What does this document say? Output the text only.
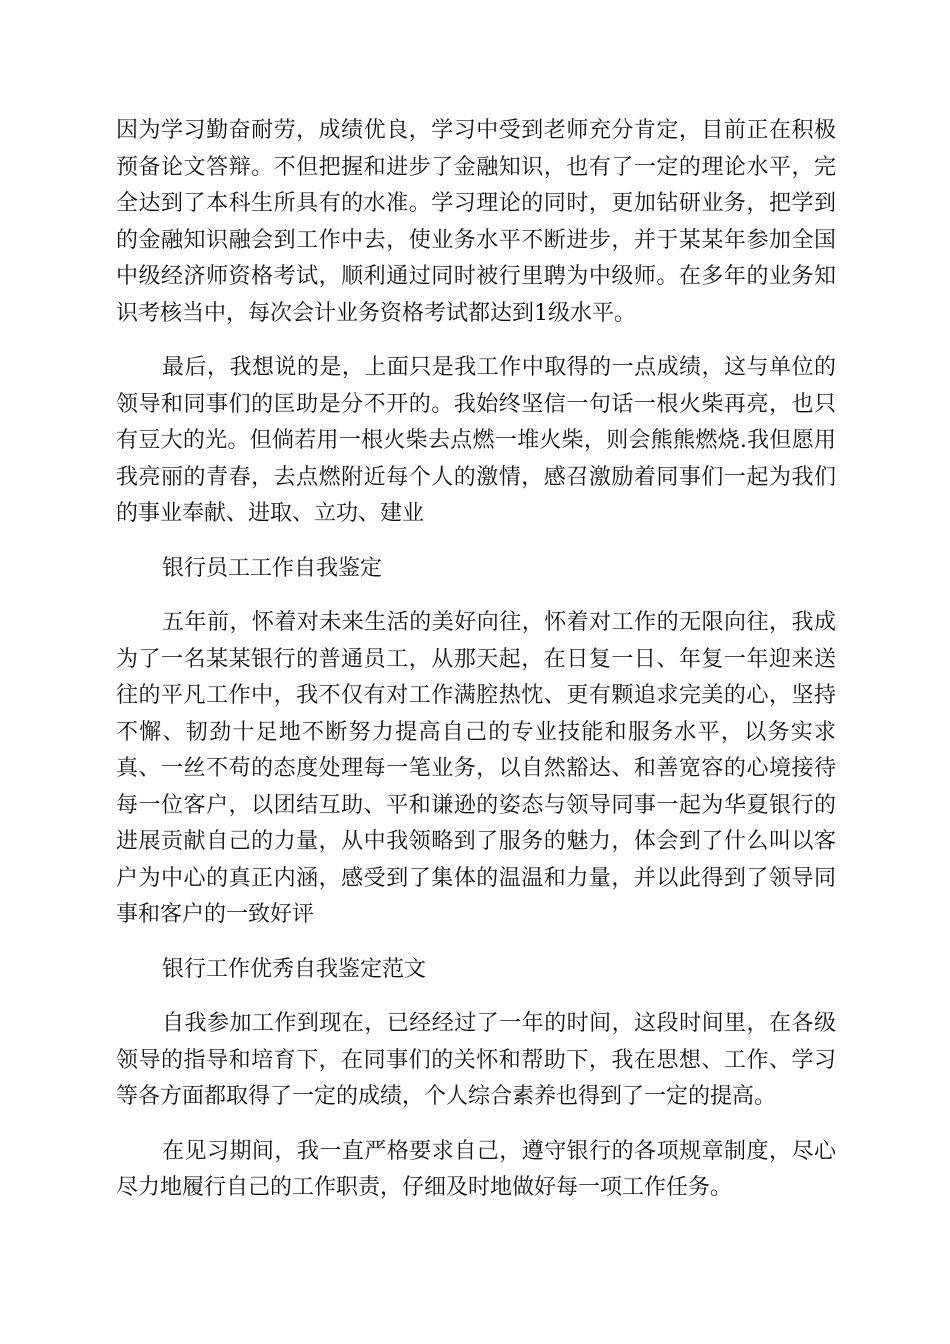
因为学习勤奋耐劳，成绩优良，学习中受到老师充分肯定，目前正在积极预备论文答辩。不但把握和进步了金融知识，也有了一定的理论水平，完全达到了本科生所具有的水准。学习理论的同时，更加钻研业务，把学到的金融知识融会到工作中去，使业务水平不断进步，并于某某年参加全国中级经济师资格考试，顺利通过同时被行里聘为中级师。在多年的业务知识考核当中，每次会计业务资格考试都达到1级水平。

最后，我想说的是，上面只是我工作中取得的一点成绩，这与单位的领导和同事们的匡助是分不开的。我始终坚信一句话一根火柴再亮，也只有豆大的光。但倘若用一根火柴去点燃一堆火柴，则会熊熊燃烧.我但愿用我亮丽的青春，去点燃附近每个人的激情，感召激励着同事们一起为我们的事业奉献、进取、立功、建业

银行员工工作自我鉴定

五年前，怀着对未来生活的美好向往，怀着对工作的无限向往，我成为了一名某某银行的普通员工，从那天起，在日复一日、年复一年迎来送往的平凡工作中，我不仅有对工作满腔热忱、更有颗追求完美的心，坚持不懈、韧劲十足地不断努力提高自己的专业技能和服务水平，以务实求真、一丝不苟的态度处理每一笔业务，以自然豁达、和善宽容的心境接待每一位客户，以团结互助、平和谦逊的姿态与领导同事一起为华夏银行的进展贡献自己的力量，从中我领略到了服务的魅力，体会到了什么叫以客户为中心的真正内涵，感受到了集体的温温和力量，并以此得到了领导同事和客户的一致好评

银行工作优秀自我鉴定范文

自我参加工作到现在，已经经过了一年的时间，这段时间里，在各级领导的指导和培育下，在同事们的关怀和帮助下，我在思想、工作、学习等各方面都取得了一定的成绩，个人综合素养也得到了一定的提高。

在见习期间，我一直严格要求自己，遵守银行的各项规章制度，尽心尽力地履行自己的工作职责，仔细及时地做好每一项工作任务。
